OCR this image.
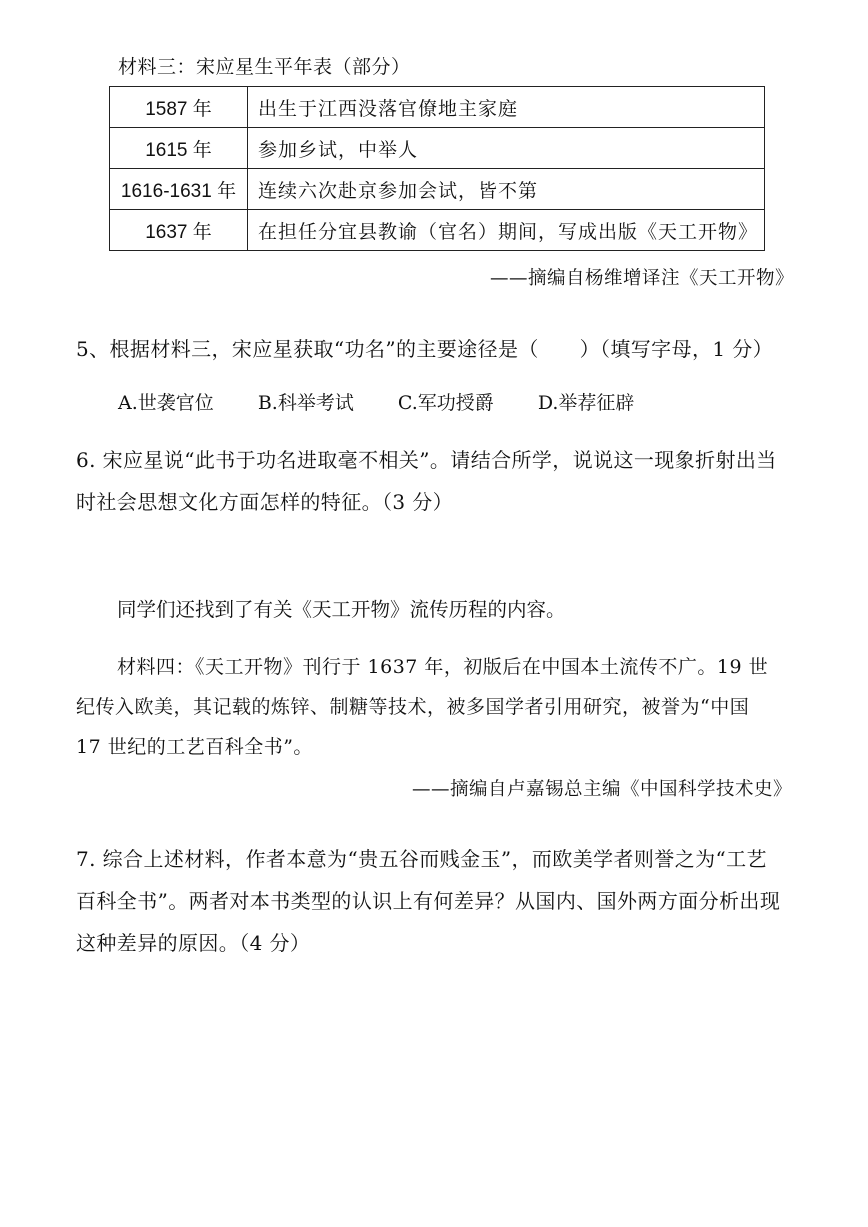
材料三：宋应星生平年表（部分）
1587 年	出生于江西没落官僚地主家庭
1615 年	参加乡试，中举人
1616-1631 年	连续六次赴京参加会试，皆不第
1637 年	在担任分宜县教谕（官名）期间，写成出版《天工开物》
——摘编自杨维增译注《天工开物》
5、根据材料三，宋应星获取“功名”的主要途径是（　　）（填写字母，1 分）
A.世袭官位 B.科举考试 C.军功授爵 D.举荐征辟
6. 宋应星说“此书于功名进取毫不相关”。请结合所学，说说这一现象折射出当
时社会思想文化方面怎样的特征。（3 分）
同学们还找到了有关《天工开物》流传历程的内容。
材料四：《天工开物》刊行于 1637 年，初版后在中国本土流传不广。19 世
纪传入欧美，其记载的炼锌、制糖等技术，被多国学者引用研究，被誉为“中国
17 世纪的工艺百科全书”。
——摘编自卢嘉锡总主编《中国科学技术史》
7. 综合上述材料，作者本意为“贵五谷而贱金玉”，而欧美学者则誉之为“工艺
百科全书”。两者对本书类型的认识上有何差异？从国内、国外两方面分析出现
这种差异的原因。（4 分）
